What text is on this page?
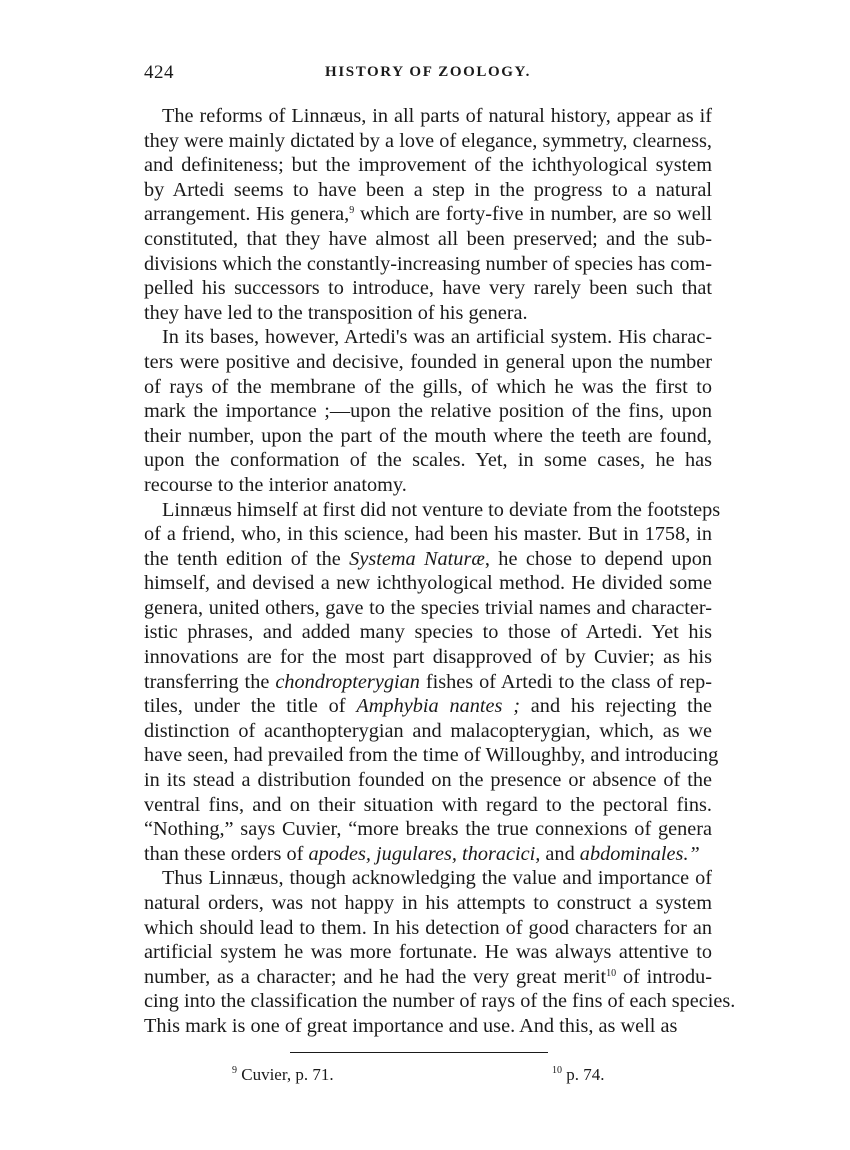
424	HISTORY OF ZOOLOGY.
The reforms of Linnæus, in all parts of natural history, appear as if
they were mainly dictated by a love of elegance, symmetry, clearness,
and definiteness; but the improvement of the ichthyological system
by Artedi seems to have been a step in the progress to a natural
arrangement. His genera,$^9$ which are forty-five in number, are so well
constituted, that they have almost all been preserved; and the sub-
divisions which the constantly-increasing number of species has com-
pelled his successors to introduce, have very rarely been such that
they have led to the transposition of his genera.
In its bases, however, Artedi's was an artificial system. His charac-
ters were positive and decisive, founded in general upon the number
of rays of the membrane of the gills, of which he was the first to
mark the importance ;—upon the relative position of the fins, upon
their number, upon the part of the mouth where the teeth are found,
upon the conformation of the scales. Yet, in some cases, he has
recourse to the interior anatomy.
Linnæus himself at first did not venture to deviate from the footsteps
of a friend, who, in this science, had been his master. But in 1758, in
the tenth edition of the Systema Naturæ, he chose to depend upon
himself, and devised a new ichthyological method. He divided some
genera, united others, gave to the species trivial names and character-
istic phrases, and added many species to those of Artedi. Yet his
innovations are for the most part disapproved of by Cuvier; as his
transferring the chondropterygian fishes of Artedi to the class of rep-
tiles, under the title of Amphybia nantes ; and his rejecting the
distinction of acanthopterygian and malacopterygian, which, as we
have seen, had prevailed from the time of Willoughby, and introducing
in its stead a distribution founded on the presence or absence of the
ventral fins, and on their situation with regard to the pectoral fins.
“Nothing,” says Cuvier, “more breaks the true connexions of genera
than these orders of apodes, jugulares, thoracici, and abdominales.”
Thus Linnæus, though acknowledging the value and importance of
natural orders, was not happy in his attempts to construct a system
which should lead to them. In his detection of good characters for an
artificial system he was more fortunate. He was always attentive to
number, as a character; and he had the very great merit$^{10}$ of introdu-
cing into the classification the number of rays of the fins of each species.
This mark is one of great importance and use. And this, as well as
$^9$ Cuvier, p. 71.	$^{10}$ p. 74.
